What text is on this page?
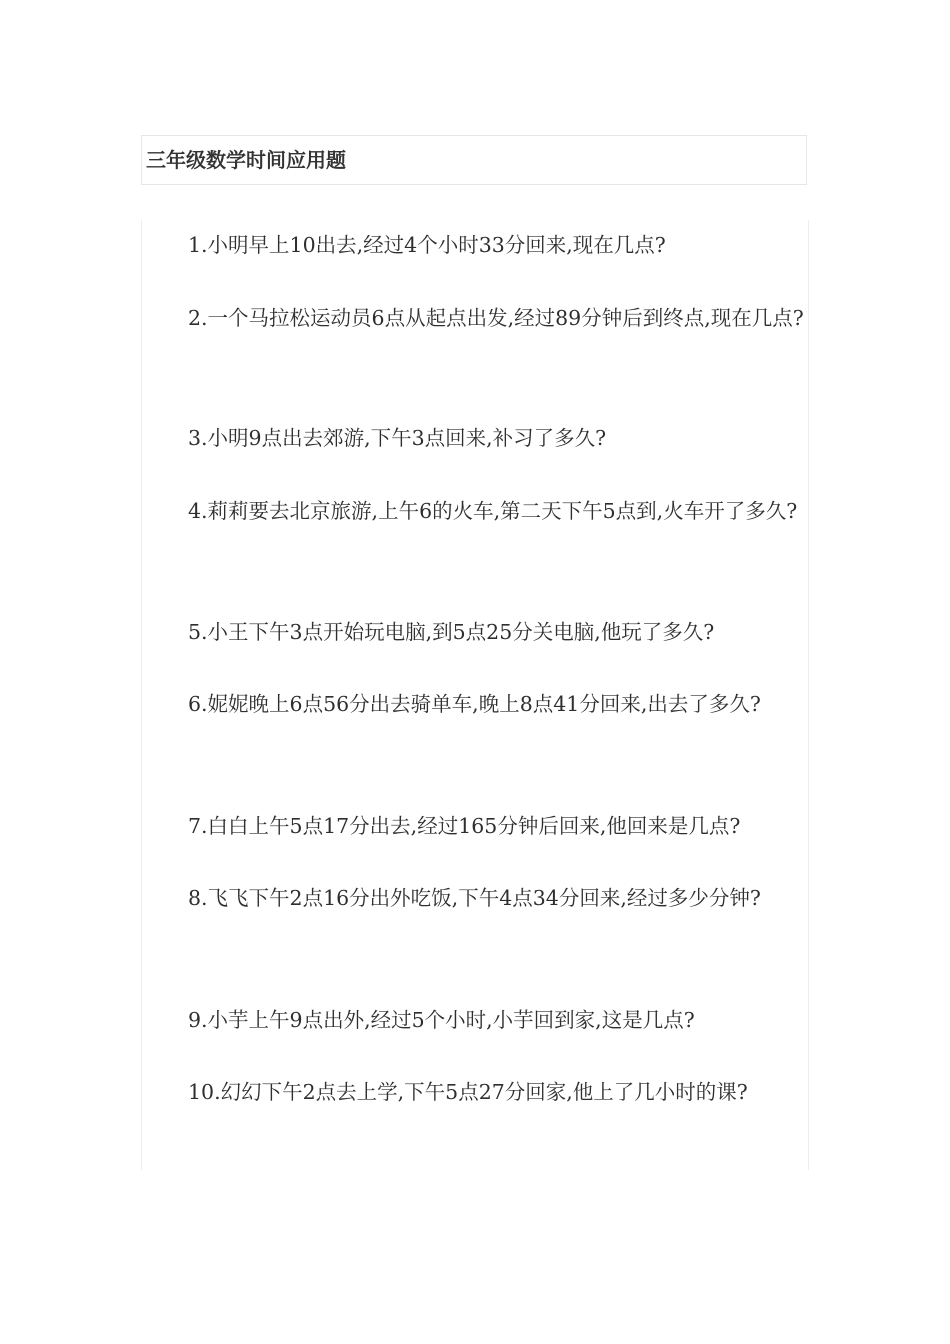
三年级数学时间应用题

1.小明早上10出去,经过4个小时33分回来,现在几点?

2.一个马拉松运动员6点从起点出发,经过89分钟后到终点,现在几点?

3.小明9点出去郊游,下午3点回来,补习了多久?

4.莉莉要去北京旅游,上午6的火车,第二天下午5点到,火车开了多久?

5.小王下午3点开始玩电脑,到5点25分关电脑,他玩了多久?

6.妮妮晚上6点56分出去骑单车,晚上8点41分回来,出去了多久?

7.白白上午5点17分出去,经过165分钟后回来,他回来是几点?

8.飞飞下午2点16分出外吃饭,下午4点34分回来,经过多少分钟?

9.小芋上午9点出外,经过5个小时,小芋回到家,这是几点?

10.幻幻下午2点去上学,下午5点27分回家,他上了几小时的课?
